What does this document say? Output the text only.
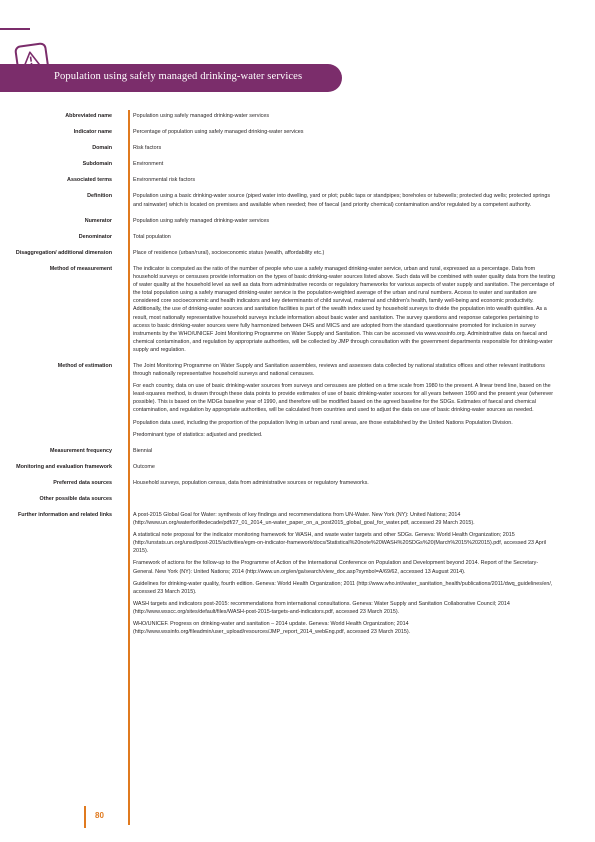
Population using safely managed drinking-water services
Abbreviated name	Population using safely managed drinking-water services

Indicator name	Percentage of population using safely managed drinking-water services

Domain	Risk factors

Subdomain	Environment

Associated terms	Environmental risk factors

Definition	Population using a basic drinking-water source (piped water into dwelling, yard or plot; public taps or standpipes; boreholes or tubewells; protected dug wells; protected springs and rainwater) which is located on premises and available when needed; free of faecal (and priority chemical) contamination and/or regulated by a competent authority.

Numerator	Population using safely managed drinking-water services

Denominator	Total population

Disaggregation/ additional dimension	Place of residence (urban/rural), socioeconomic status (wealth, affordability etc.)

Method of measurement	The indicator is computed as the ratio of the number of people who use a safely managed drinking-water service, urban and rural, expressed as a percentage. Data from household surveys or censuses provide information on the types of basic drinking-water sources listed above. Such data will be combined with water quality data from the testing of water quality at the household level as well as data from administrative records or regulatory frameworks for various aspects of water supply and sanitation. The percentage of the total population using a safely managed drinking-water service is the population-weighted average of the urban and rural numbers. Access to water and sanitation are considered core socioeconomic and health indicators and key determinants of child survival, maternal and children's health, family well-being and economic productivity. Additionally, the use of drinking-water sources and sanitation facilities is part of the wealth index used by household surveys to divide the population into wealth quintiles. As a result, most nationally representative household surveys include information about basic water and sanitation. The survey questions and response categories pertaining to access to basic drinking-water sources were fully harmonized between DHS and MICS and are adopted from the standard questionnaire promoted for inclusion in survey instruments by the WHO/UNICEF Joint Monitoring Programme on Water Supply and Sanitation. This can be accessed via www.wssinfo.org. Administrative data on faecal and chemical contamination, and regulation by appropriate authorities, will be collected by JMP through consultation with the government departments responsible for drinking-water supply and regulation.

Method of estimation	The Joint Monitoring Programme on Water Supply and Sanitation assembles, reviews and assesses data collected by national statistics offices and other relevant institutions through nationally representative household surveys and national censuses.

For each country, data on use of basic drinking-water sources from surveys and censuses are plotted on a time scale from 1980 to the present. A linear trend line, based on the least-squares method, is drawn through these data points to provide estimates of use of basic drinking-water sources for all years between 1990 and the present year (wherever possible). This is based on the MDGs baseline year of 1990, and therefore will be modified based on the agreed baseline for the SDGs. Estimates of faecal and chemical contamination, and regulation by appropriate authorities, will be calculated from countries and used to adjust the data on use of basic drinking-water sources as needed.

Population data used, including the proportion of the population living in urban and rural areas, are those established by the United Nations Population Division.

Predominant type of statistics: adjusted and predicted.

Measurement frequency	Biennial

Monitoring and evaluation framework	Outcome

Preferred data sources	Household surveys, population census, data from administrative sources or regulatory frameworks.

Other possible data sources

Further information and related links	A post-2015 Global Goal for Water: synthesis of key findings and recommendations from UN-Water. New York (NY): United Nations; 2014 (http://www.un.org/waterforlifedecade/pdf/27_01_2014_un-water_paper_on_a_post2015_global_goal_for_water.pdf, accessed 29 March 2015).

A statistical note proposal for the indicator monitoring framework for WASH, and waste water targets and other SDGs. Geneva: World Health Organization; 2015 (http://unstats.un.org/unsd/post-2015/activities/egm-on-indicator-framework/docs/Statistical%20note%20WASH%20SDGs%20(March%2015%202015).pdf, accessed 23 April 2015).

Framework of actions for the follow-up to the Programme of Action of the International Conference on Population and Development beyond 2014. Report of the Secretary-General. New York (NY): United Nations; 2014 (http://www.un.org/en/ga/search/view_doc.asp?symbol=A/69/62, accessed 13 August 2014).

Guidelines for drinking-water quality, fourth edition. Geneva: World Health Organization; 2011 (http://www.who.int/water_sanitation_health/publications/2011/dwq_guidelines/en/, accessed 23 March 2015).

WASH targets and indicators post-2015: recommendations from international consultations. Geneva: Water Supply and Sanitation Collaborative Council; 2014 (http://www.wsscc.org/sites/default/files/WASH-post-2015-targets-and-indicators.pdf, accessed 23 March 2015).

WHO/UNICEF. Progress on drinking-water and sanitation – 2014 update. Geneva: World Health Organization; 2014 (http://www.wssinfo.org/fileadmin/user_upload/resources/JMP_report_2014_webEng.pdf, accessed 23 March 2015).

80
